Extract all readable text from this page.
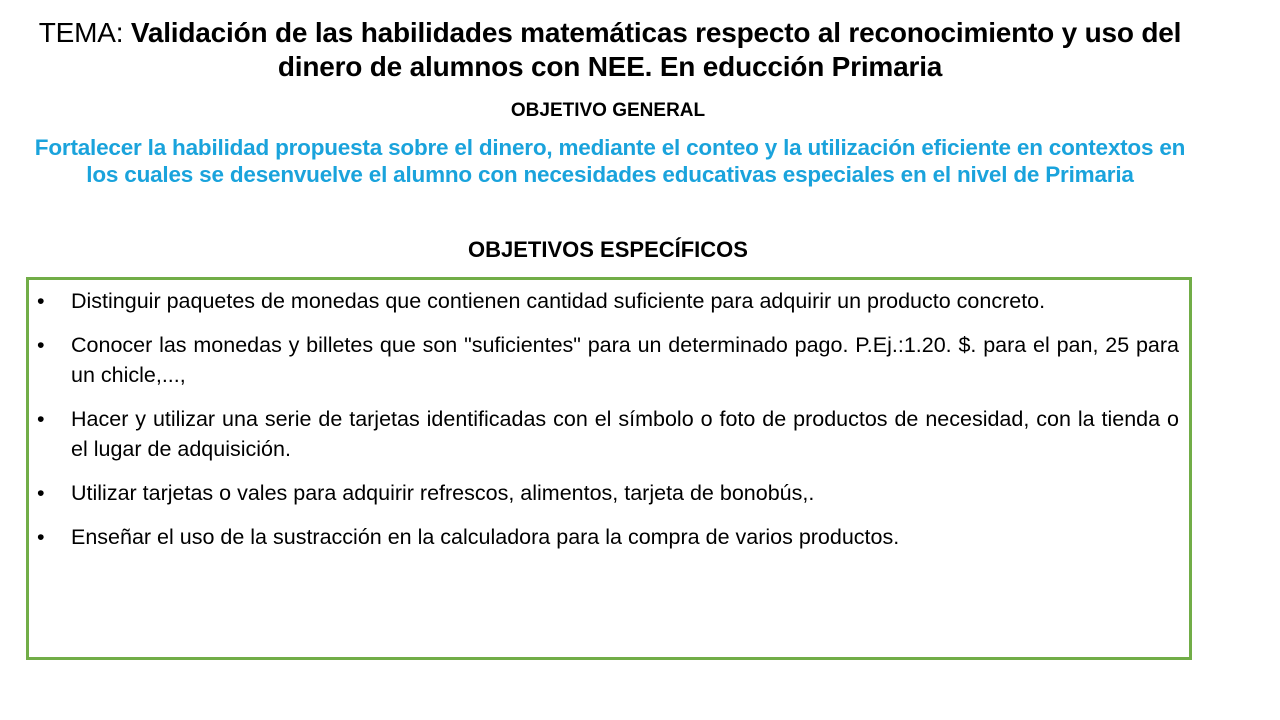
TEMA: Validación de las habilidades matemáticas respecto al reconocimiento y uso del dinero de alumnos con NEE. En educción Primaria
OBJETIVO GENERAL
Fortalecer la habilidad propuesta sobre el dinero, mediante el conteo y la utilización eficiente en contextos en los cuales se desenvuelve el alumno con necesidades educativas especiales en el nivel de Primaria
OBJETIVOS ESPECÍFICOS
•	Distinguir paquetes de monedas que contienen cantidad suficiente para adquirir un producto concreto.
•	Conocer las monedas y billetes que son "suficientes" para un determinado pago. P.Ej.:1.20. $. para el pan, 25 para un chicle,...,
•	Hacer y utilizar una serie de tarjetas identificadas con el símbolo o foto de productos de necesidad, con la tienda o el lugar de adquisición.
•	Utilizar tarjetas o vales para adquirir refrescos, alimentos, tarjeta de bonobús,.
•	Enseñar el uso de la sustracción en la calculadora para la compra de varios productos.
